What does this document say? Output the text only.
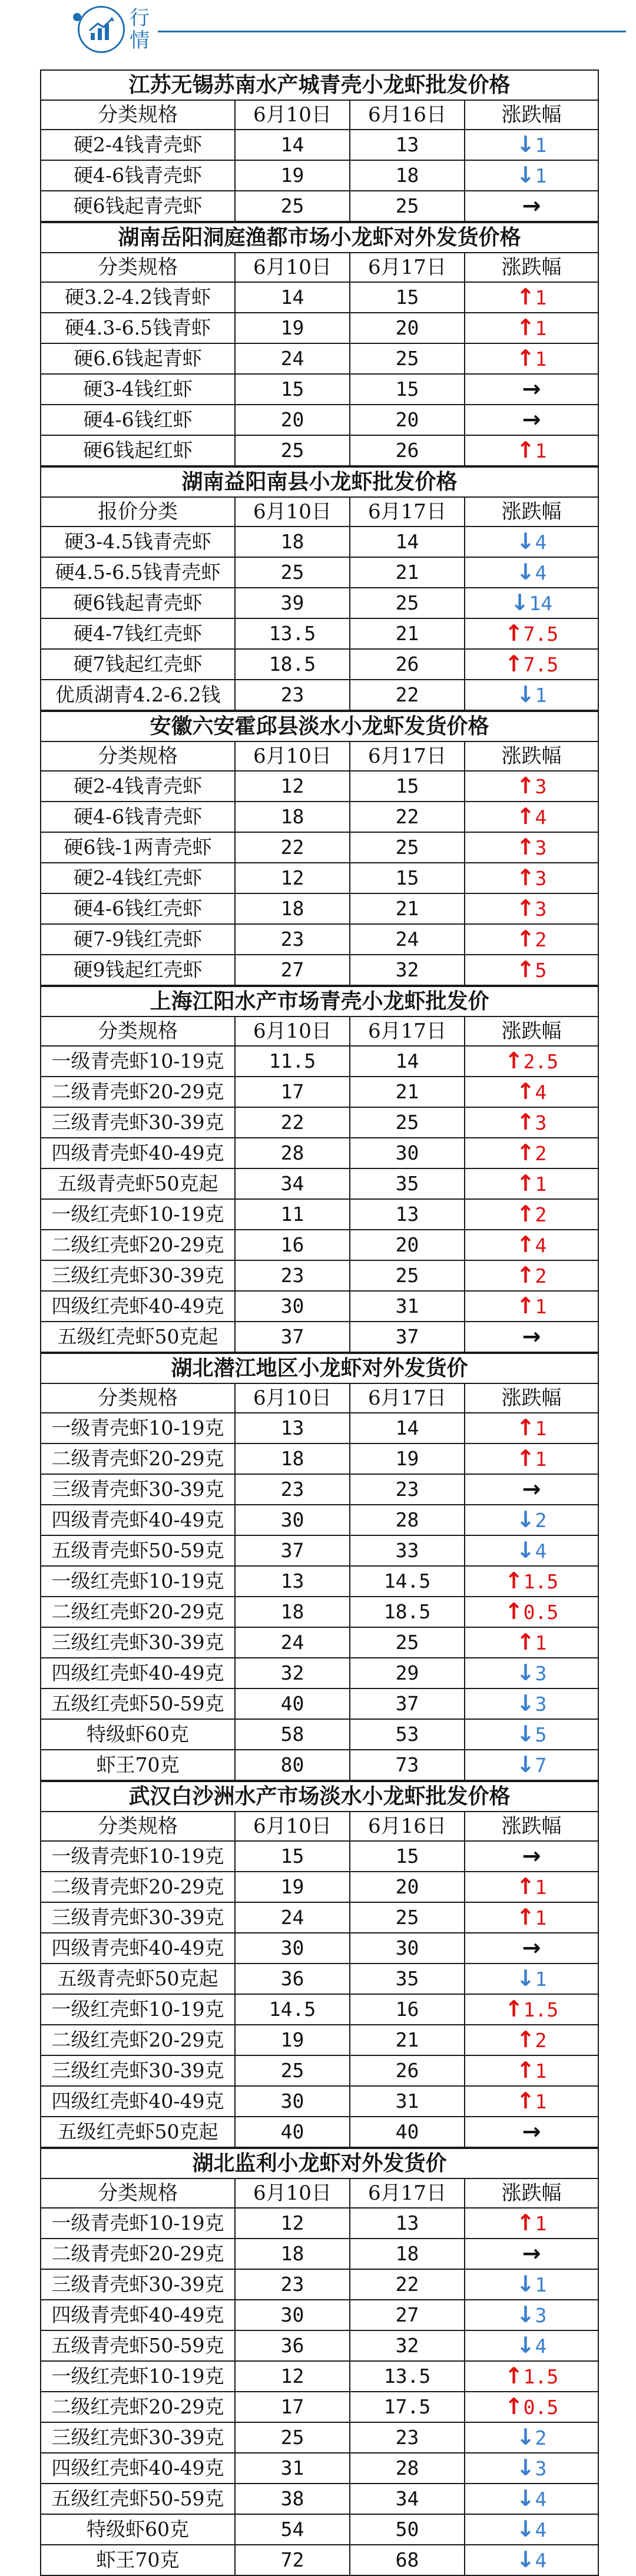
行
情
江苏无锡苏南水产城青壳小龙虾批发价格			
分类规格	6月10日	6月16日	涨跌幅
硬2-4钱青壳虾	14	13	↓1
硬4-6钱青壳虾	19	18	↓1
硬6钱起青壳虾	25	25	→
湖南岳阳洞庭渔都市场小龙虾对外发货价格			
分类规格	6月10日	6月17日	涨跌幅
硬3.2-4.2钱青虾	14	15	↑1
硬4.3-6.5钱青虾	19	20	↑1
硬6.6钱起青虾	24	25	↑1
硬3-4钱红虾	15	15	→
硬4-6钱红虾	20	20	→
硬6钱起红虾	25	26	↑1
湖南益阳南县小龙虾批发价格			
报价分类	6月10日	6月17日	涨跌幅
硬3-4.5钱青壳虾	18	14	↓4
硬4.5-6.5钱青壳虾	25	21	↓4
硬6钱起青壳虾	39	25	↓14
硬4-7钱红壳虾	13.5	21	↑7.5
硬7钱起红壳虾	18.5	26	↑7.5
优质湖青4.2-6.2钱	23	22	↓1
安徽六安霍邱县淡水小龙虾发货价格			
分类规格	6月10日	6月17日	涨跌幅
硬2-4钱青壳虾	12	15	↑3
硬4-6钱青壳虾	18	22	↑4
硬6钱-1两青壳虾	22	25	↑3
硬2-4钱红壳虾	12	15	↑3
硬4-6钱红壳虾	18	21	↑3
硬7-9钱红壳虾	23	24	↑2
硬9钱起红壳虾	27	32	↑5
上海江阳水产市场青壳小龙虾批发价			
分类规格	6月10日	6月17日	涨跌幅
一级青壳虾10-19克	11.5	14	↑2.5
二级青壳虾20-29克	17	21	↑4
三级青壳虾30-39克	22	25	↑3
四级青壳虾40-49克	28	30	↑2
五级青壳虾50克起	34	35	↑1
一级红壳虾10-19克	11	13	↑2
二级红壳虾20-29克	16	20	↑4
三级红壳虾30-39克	23	25	↑2
四级红壳虾40-49克	30	31	↑1
五级红壳虾50克起	37	37	→
湖北潜江地区小龙虾对外发货价			
分类规格	6月10日	6月17日	涨跌幅
一级青壳虾10-19克	13	14	↑1
二级青壳虾20-29克	18	19	↑1
三级青壳虾30-39克	23	23	→
四级青壳虾40-49克	30	28	↓2
五级青壳虾50-59克	37	33	↓4
一级红壳虾10-19克	13	14.5	↑1.5
二级红壳虾20-29克	18	18.5	↑0.5
三级红壳虾30-39克	24	25	↑1
四级红壳虾40-49克	32	29	↓3
五级红壳虾50-59克	40	37	↓3
特级虾60克	58	53	↓5
虾王70克	80	73	↓7
武汉白沙洲水产市场淡水小龙虾批发价格			
分类规格	6月10日	6月16日	涨跌幅
一级青壳虾10-19克	15	15	→
二级青壳虾20-29克	19	20	↑1
三级青壳虾30-39克	24	25	↑1
四级青壳虾40-49克	30	30	→
五级青壳虾50克起	36	35	↓1
一级红壳虾10-19克	14.5	16	↑1.5
二级红壳虾20-29克	19	21	↑2
三级红壳虾30-39克	25	26	↑1
四级红壳虾40-49克	30	31	↑1
五级红壳虾50克起	40	40	→
湖北监利小龙虾对外发货价			
分类规格	6月10日	6月17日	涨跌幅
一级青壳虾10-19克	12	13	↑1
二级青壳虾20-29克	18	18	→
三级青壳虾30-39克	23	22	↓1
四级青壳虾40-49克	30	27	↓3
五级青壳虾50-59克	36	32	↓4
一级红壳虾10-19克	12	13.5	↑1.5
二级红壳虾20-29克	17	17.5	↑0.5
三级红壳虾30-39克	25	23	↓2
四级红壳虾40-49克	31	28	↓3
五级红壳虾50-59克	38	34	↓4
特级虾60克	54	50	↓4
虾王70克	72	68	↓4
